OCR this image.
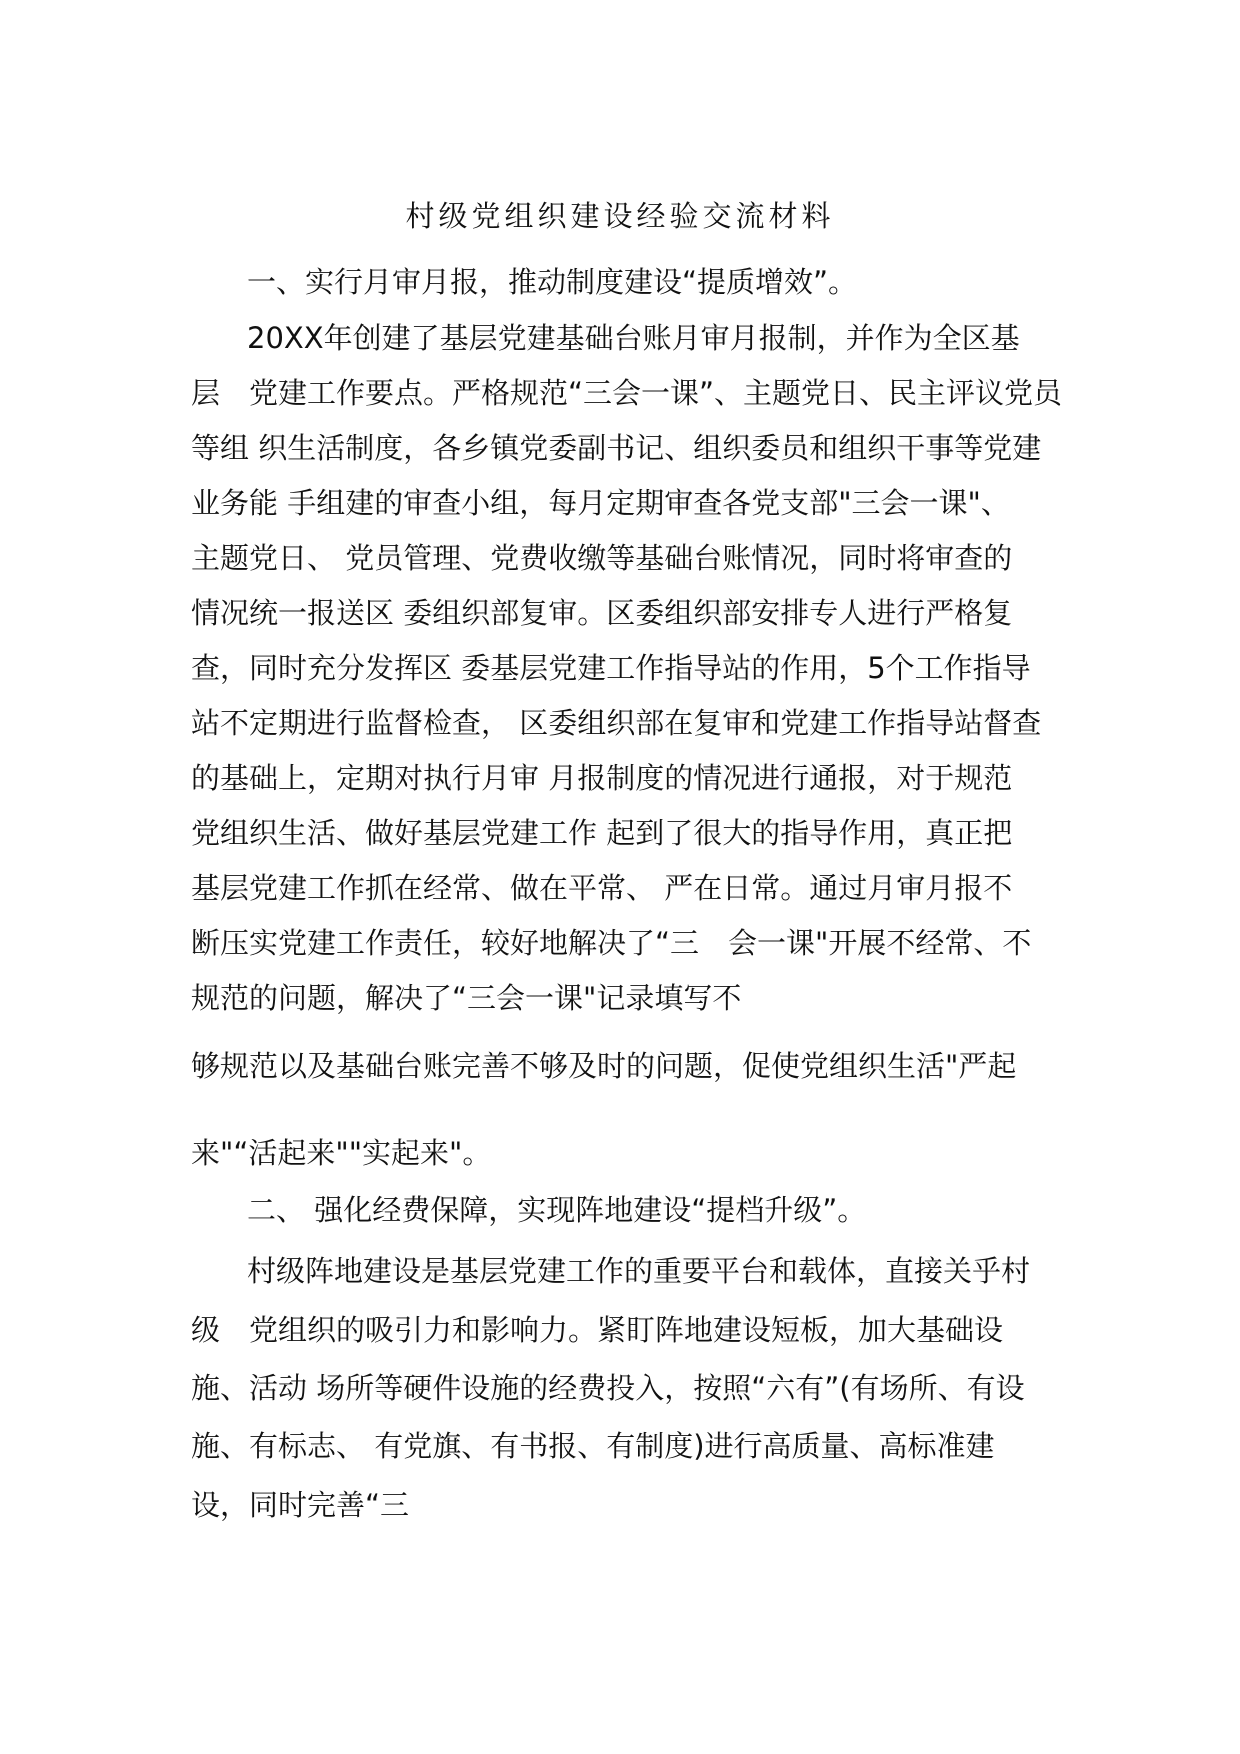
村级党组织建设经验交流材料
一、实行月审月报，推动制度建设“提质增效”。
20XX年创建了基层党建基础台账月审月报制，并作为全区基
层　党建工作要点。严格规范“三会一课”、主题党日、民主评议党员
等组 织生活制度，各乡镇党委副书记、组织委员和组织干事等党建
业务能 手组建的审查小组，每月定期审查各党支部"三会一课"、
主题党日、 党员管理、党费收缴等基础台账情况，同时将审查的
情况统一报送区 委组织部复审。区委组织部安排专人进行严格复
查，同时充分发挥区 委基层党建工作指导站的作用，5个工作指导
站不定期进行监督检查， 区委组织部在复审和党建工作指导站督查
的基础上，定期对执行月审 月报制度的情况进行通报，对于规范
党组织生活、做好基层党建工作 起到了很大的指导作用，真正把
基层党建工作抓在经常、做在平常、 严在日常。通过月审月报不
断压实党建工作责任，较好地解决了“三　会一课"开展不经常、不
规范的问题，解决了“三会一课"记录填写不
够规范以及基础台账完善不够及时的问题，促使党组织生活"严起
来"“活起来""实起来"。
二、 强化经费保障，实现阵地建设“提档升级”。
村级阵地建设是基层党建工作的重要平台和载体，直接关乎村
级　党组织的吸引力和影响力。紧盯阵地建设短板，加大基础设
施、活动 场所等硬件设施的经费投入，按照“六有”(有场所、有设
施、有标志、 有党旗、有书报、有制度)进行高质量、高标准建
设，同时完善“三
